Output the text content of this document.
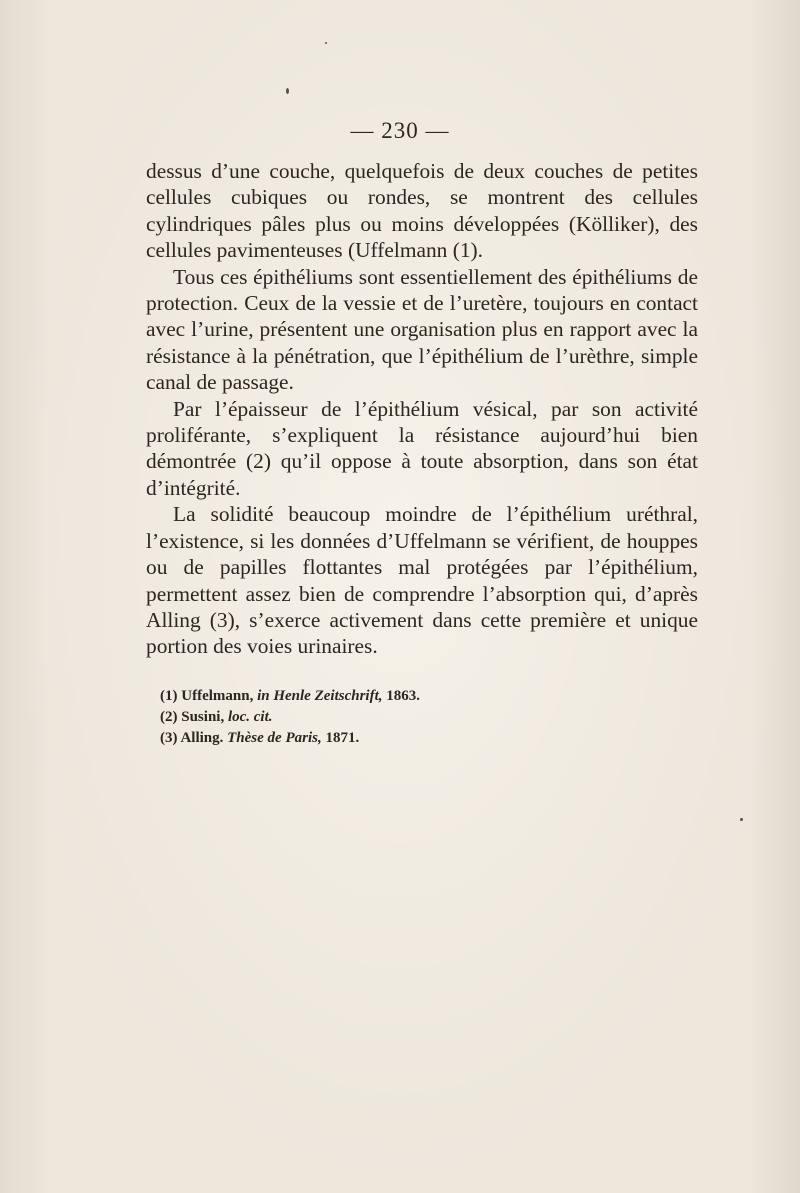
— 230 —

dessus d’une couche, quelquefois de deux couches de petites cellules cubiques ou rondes, se montrent des cellules cylindriques pâles plus ou moins développées (Kölliker), des cellules pavimenteuses (Uffelmann (1).

Tous ces épithéliums sont essentiellement des épithéliums de protection. Ceux de la vessie et de l’uretère, toujours en contact avec l’urine, présentent une organisation plus en rapport avec la résistance à la pénétration, que l’épithélium de l’urèthre, simple canal de passage.

Par l’épaisseur de l’épithélium vésical, par son activité proliférante, s’expliquent la résistance aujourd’hui bien démontrée (2) qu’il oppose à toute absorption, dans son état d’intégrité.

La solidité beaucoup moindre de l’épithélium uréthral, l’existence, si les données d’Uffelmann se vérifient, de houppes ou de papilles flottantes mal protégées par l’épithélium, permettent assez bien de comprendre l’absorption qui, d’après Alling (3), s’exerce activement dans cette première et unique portion des voies urinaires.

(1) Uffelmann, in Henle Zeitschrift, 1863.
(2) Susini, loc. cit.
(3) Alling. Thèse de Paris, 1871.
